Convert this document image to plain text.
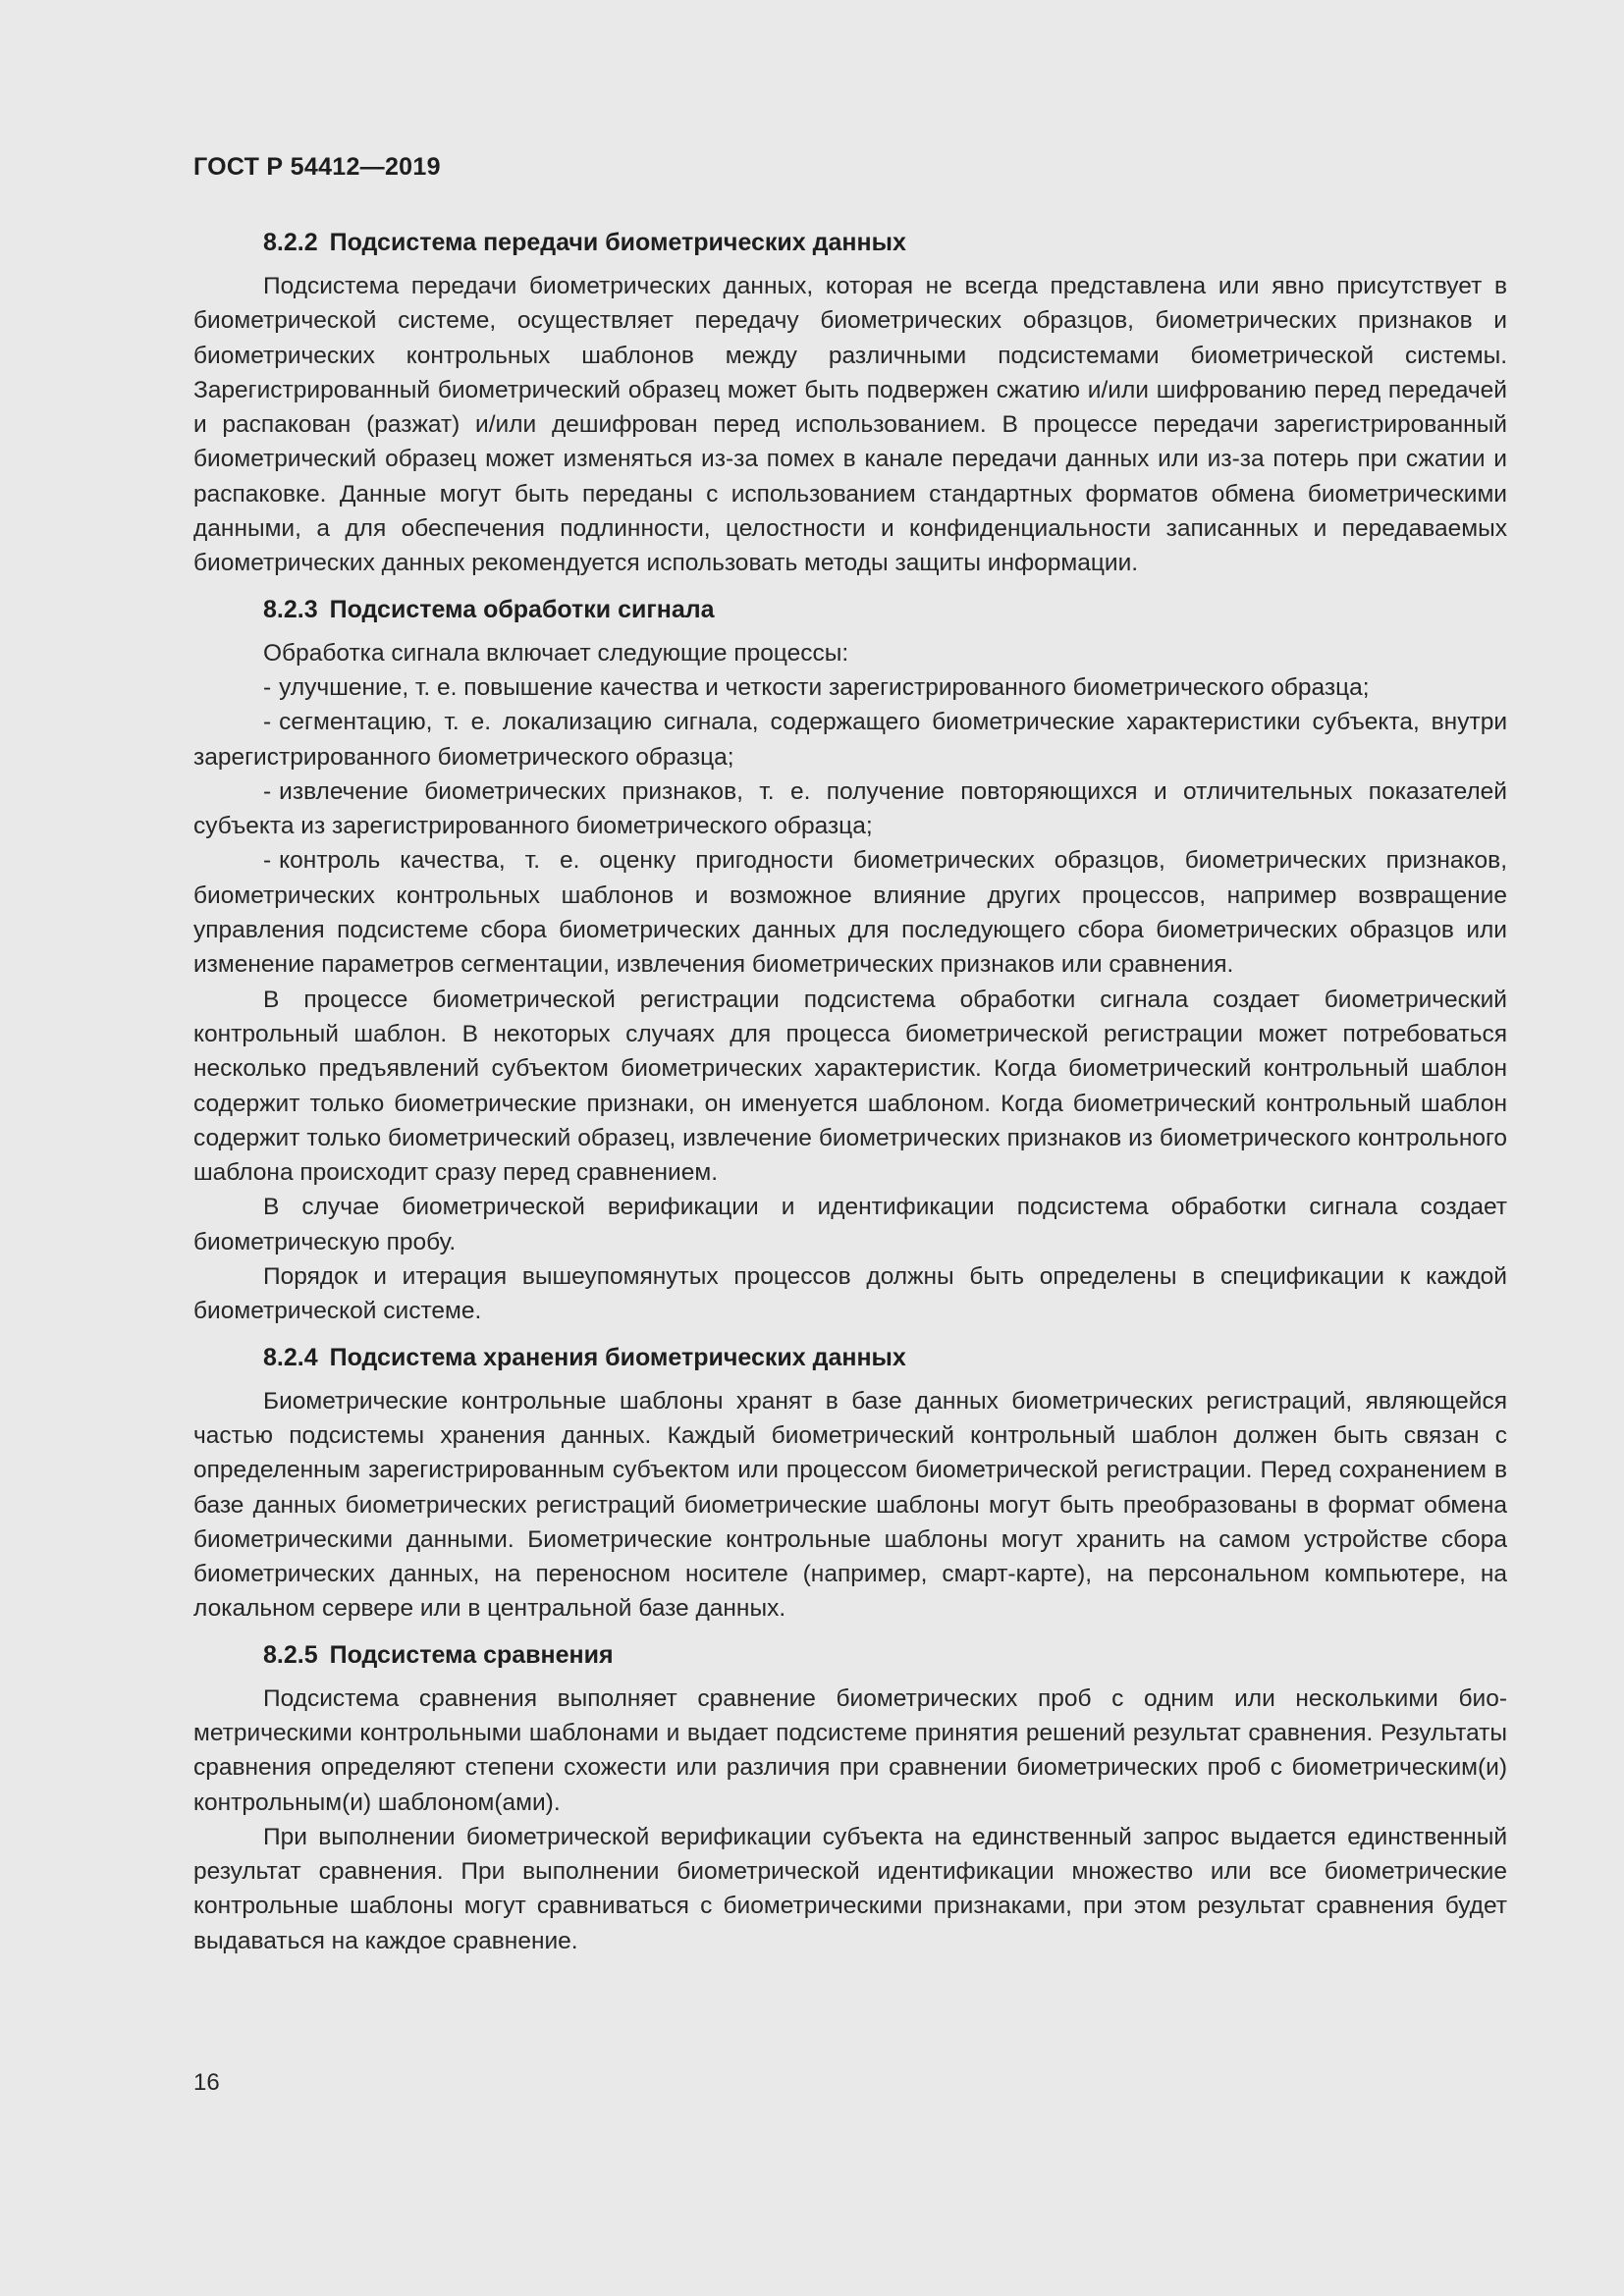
ГОСТ Р 54412—2019
8.2.2 Подсистема передачи биометрических данных

Подсистема передачи биометрических данных, которая не всегда представлена или явно присутствует в биометрической системе, осуществляет передачу биометрических образцов, биометрических признаков и биометрических контрольных шаблонов между различными подсистемами биометрической системы. Зарегистрированный биометрический образец может быть подвержен сжатию и/или шифрованию перед передачей и распакован (разжат) и/или дешифрован перед использованием. В процессе передачи зарегистрированный биометрический образец может изменяться из-за помех в канале передачи данных или из-за потерь при сжатии и распаковке. Данные могут быть переданы с использованием стандартных форматов обмена биометрическими данными, а для обеспечения подлинности, целостности и конфиденциальности записанных и передаваемых биометрических данных рекомендуется использовать методы защиты информации.

8.2.3 Подсистема обработки сигнала

Обработка сигнала включает следующие процессы:

- улучшение, т. е. повышение качества и четкости зарегистрированного биометрического образца;

- сегментацию, т. е. локализацию сигнала, содержащего биометрические характеристики субъекта, внутри зарегистрированного биометрического образца;

- извлечение биометрических признаков, т. е. получение повторяющихся и отличительных показателей субъекта из зарегистрированного биометрического образца;

- контроль качества, т. е. оценку пригодности биометрических образцов, биометрических признаков, биометрических контрольных шаблонов и возможное влияние других процессов, например возвращение управления подсистеме сбора биометрических данных для последующего сбора биометрических образцов или изменение параметров сегментации, извлечения биометрических признаков или сравнения.

В процессе биометрической регистрации подсистема обработки сигнала создает биометрический контрольный шаблон. В некоторых случаях для процесса биометрической регистрации может потребоваться несколько предъявлений субъектом биометрических характеристик. Когда биометрический контрольный шаблон содержит только биометрические признаки, он именуется шаблоном. Когда биометрический контрольный шаблон содержит только биометрический образец, извлечение биометрических признаков из биометрического контрольного шаблона происходит сразу перед сравнением.

В случае биометрической верификации и идентификации подсистема обработки сигнала создает биометрическую пробу.

Порядок и итерация вышеупомянутых процессов должны быть определены в спецификации к каждой биометрической системе.

8.2.4 Подсистема хранения биометрических данных

Биометрические контрольные шаблоны хранят в базе данных биометрических регистраций, являющейся частью подсистемы хранения данных. Каждый биометрический контрольный шаблон должен быть связан с определенным зарегистрированным субъектом или процессом биометрической регистрации. Перед сохранением в базе данных биометрических регистраций биометрические шаблоны могут быть преобразованы в формат обмена биометрическими данными. Биометрические контрольные шаблоны могут хранить на самом устройстве сбора биометрических данных, на переносном носителе (например, смарт-карте), на персональном компьютере, на локальном сервере или в центральной базе данных.

8.2.5 Подсистема сравнения

Подсистема сравнения выполняет сравнение биометрических проб с одним или несколькими биометрическими контрольными шаблонами и выдает подсистеме принятия решений результат сравнения. Результаты сравнения определяют степени схожести или различия при сравнении биометрических проб с биометрическим(и) контрольным(и) шаблоном(ами).

При выполнении биометрической верификации субъекта на единственный запрос выдается единственный результат сравнения. При выполнении биометрической идентификации множество или все биометрические контрольные шаблоны могут сравниваться с биометрическими признаками, при этом результат сравнения будет выдаваться на каждое сравнение.

16
